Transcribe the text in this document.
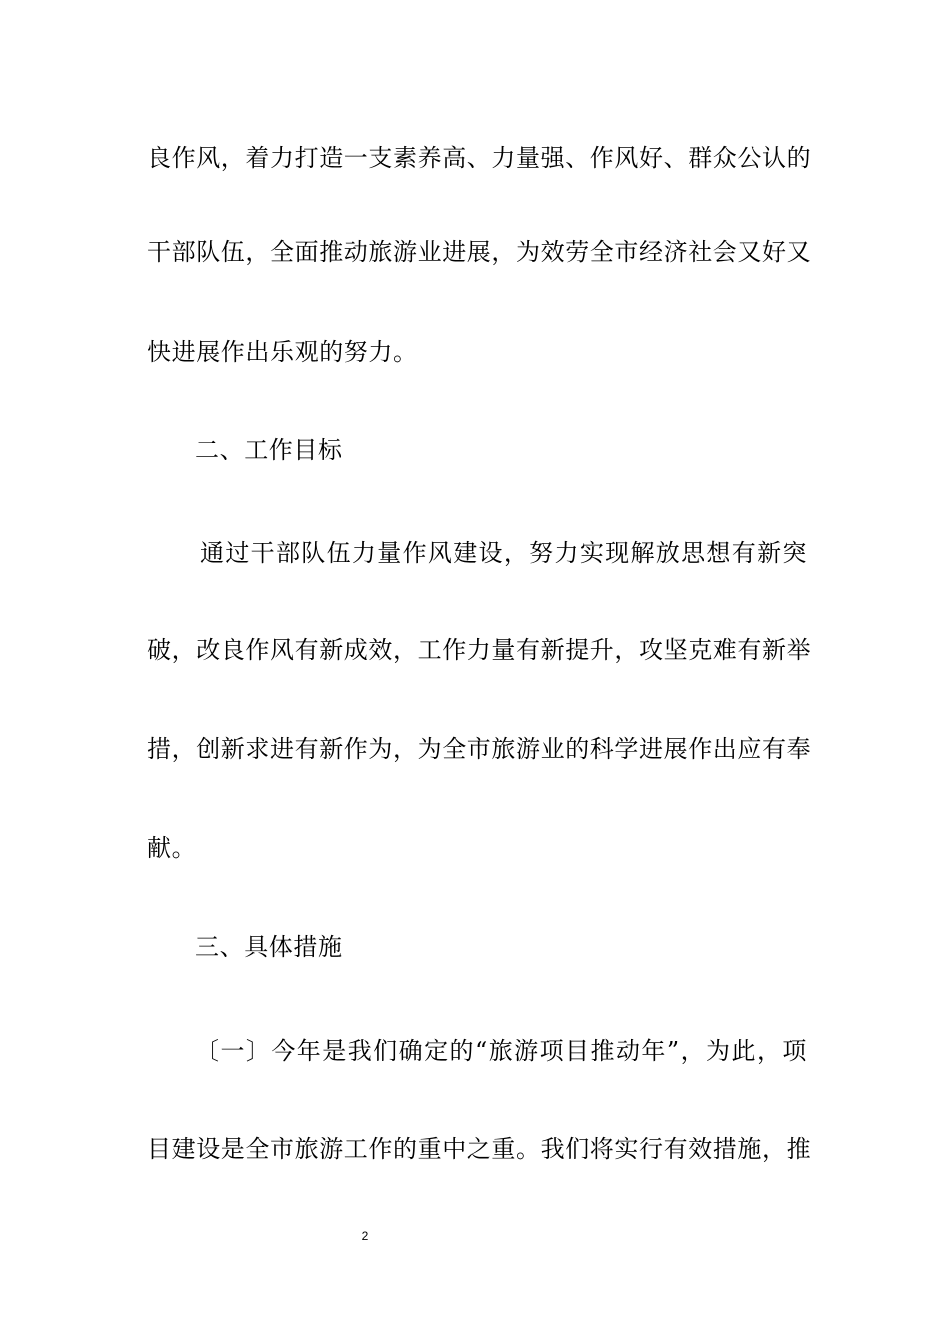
良作风，着力打造一支素养高、力量强、作风好、群众公认的
干部队伍，全面推动旅游业进展，为效劳全市经济社会又好又
快进展作出乐观的努力。
二、工作目标
通过干部队伍力量作风建设，努力实现解放思想有新突
破，改良作风有新成效，工作力量有新提升，攻坚克难有新举
措，创新求进有新作为，为全市旅游业的科学进展作出应有奉
献。
三、具体措施
〔一〕今年是我们确定的“旅游项目推动年”，为此，项
目建设是全市旅游工作的重中之重。我们将实行有效措施，推
2
